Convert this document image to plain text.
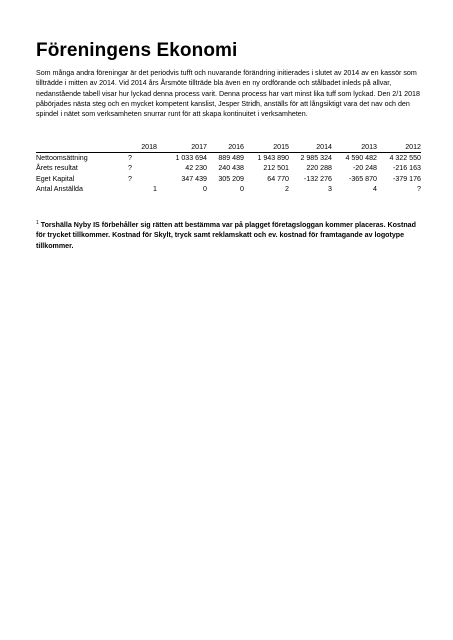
Föreningens Ekonomi

Som många andra föreningar är det periodvis tufft och nuvarande förändring initierades i slutet av 2014 av en kassör som tillträdde i mitten av 2014. Vid 2014 års Årsmöte tillträde bla även en ny ordförande och stålbadet inleds på allvar, nedanstående tabell visar hur lyckad denna process varit. Denna process har vart minst lika tuff som lyckad. Den 2/1 2018 påbörjades nästa steg och en mycket kompetent kanslist, Jesper Stridh, anställs för att långsiktigt vara det nav och den spindel i nätet som verksamheten snurrar runt för att skapa kontinuitet i verksamheten.

	2018	2017	2016	2015	2014	2013	2012
Nettoomsättning	?	1 033 694	889 489	1 943 890	2 985 324	4 590 482	4 322 550
Årets resultat	?	42 230	240 438	212 501	220 288	-20 248	-216 163
Eget Kapital	?	347 439	305 209	64 770	-132 276	-365 870	-379 176
Antal Anställda	1	0	0	2	3	4	?

$^1$ Torshälla Nyby IS förbehåller sig rätten att bestämma var på plagget företagsloggan kommer placeras. Kostnad för trycket tillkommer. Kostnad för Skylt, tryck samt reklamskatt och ev. kostnad för framtagande av logotype tillkommer.
